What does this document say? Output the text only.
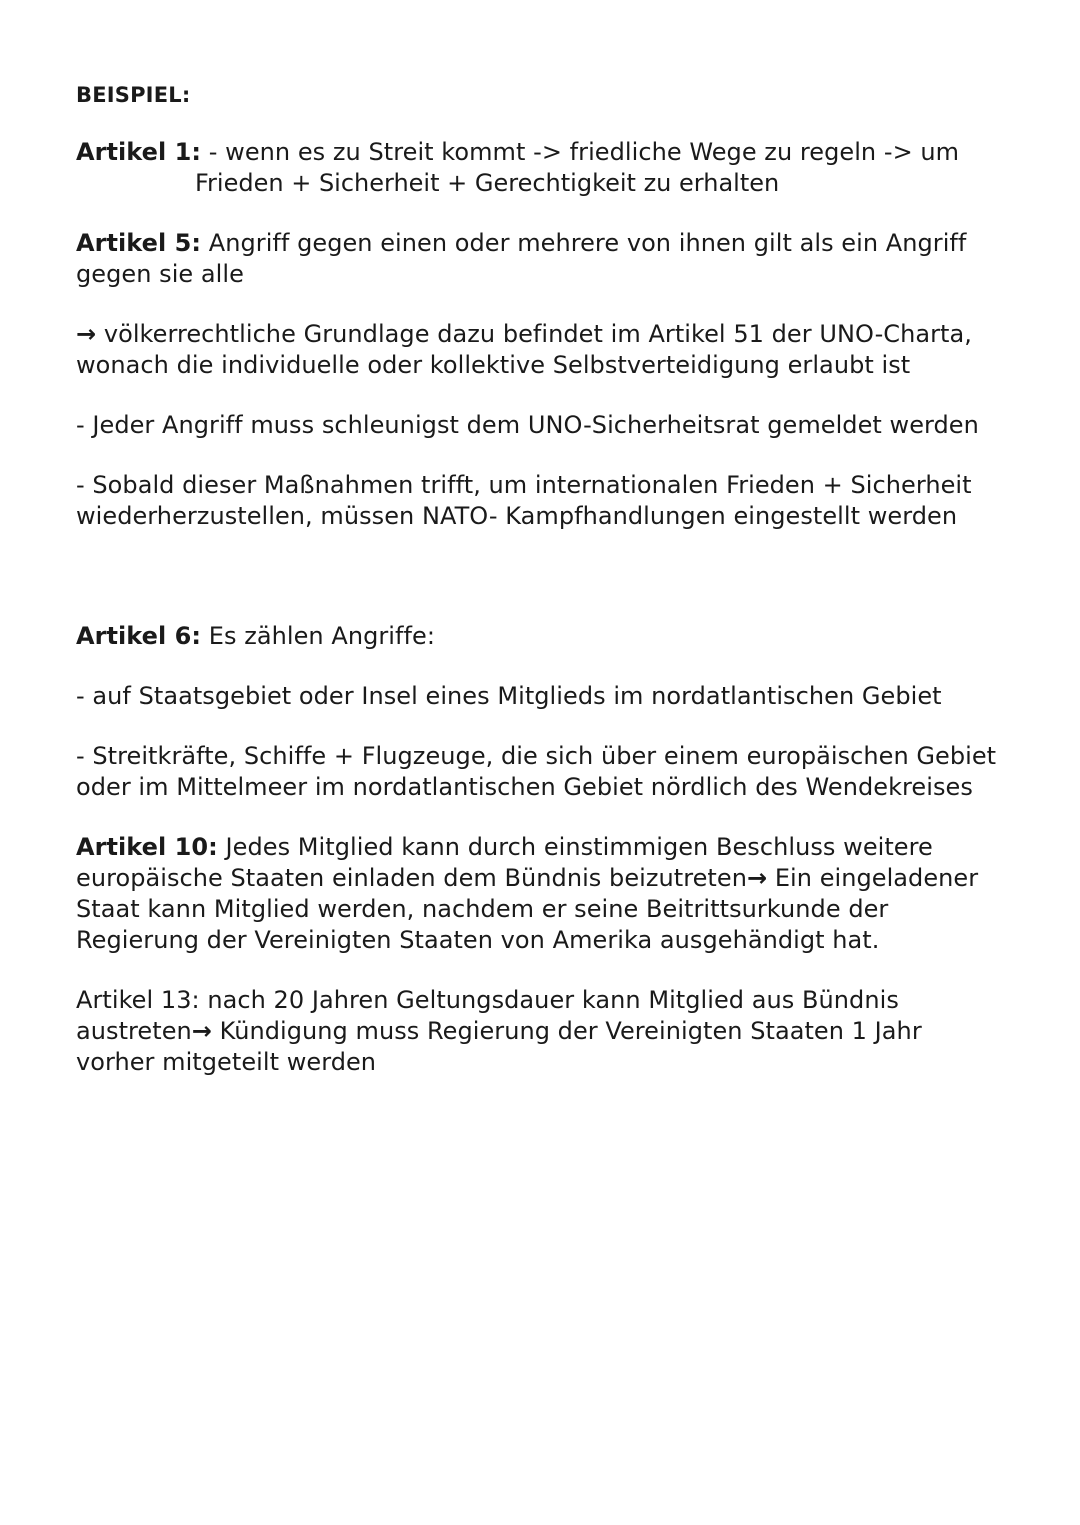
BEISPIEL:
Artikel 1: - wenn es zu Streit kommt -> friedliche Wege zu regeln -> um
Frieden + Sicherheit + Gerechtigkeit zu erhalten
Artikel 5: Angriff gegen einen oder mehrere von ihnen gilt als ein Angriff
gegen sie alle
→ völkerrechtliche Grundlage dazu befindet im Artikel 51 der UNO-Charta,
wonach die individuelle oder kollektive Selbstverteidigung erlaubt ist
- Jeder Angriff muss schleunigst dem UNO-Sicherheitsrat gemeldet werden
- Sobald dieser Maßnahmen trifft, um internationalen Frieden + Sicherheit
wiederherzustellen, müssen NATO- Kampfhandlungen eingestellt werden
Artikel 6: Es zählen Angriffe:
- auf Staatsgebiet oder Insel eines Mitglieds im nordatlantischen Gebiet
- Streitkräfte, Schiffe + Flugzeuge, die sich über einem europäischen Gebiet
oder im Mittelmeer im nordatlantischen Gebiet nördlich des Wendekreises
Artikel 10: Jedes Mitglied kann durch einstimmigen Beschluss weitere
europäische Staaten einladen dem Bündnis beizutreten→ Ein eingeladener
Staat kann Mitglied werden, nachdem er seine Beitrittsurkunde der
Regierung der Vereinigten Staaten von Amerika ausgehändigt hat.
Artikel 13: nach 20 Jahren Geltungsdauer kann Mitglied aus Bündnis
austreten→ Kündigung muss Regierung der Vereinigten Staaten 1 Jahr
vorher mitgeteilt werden
